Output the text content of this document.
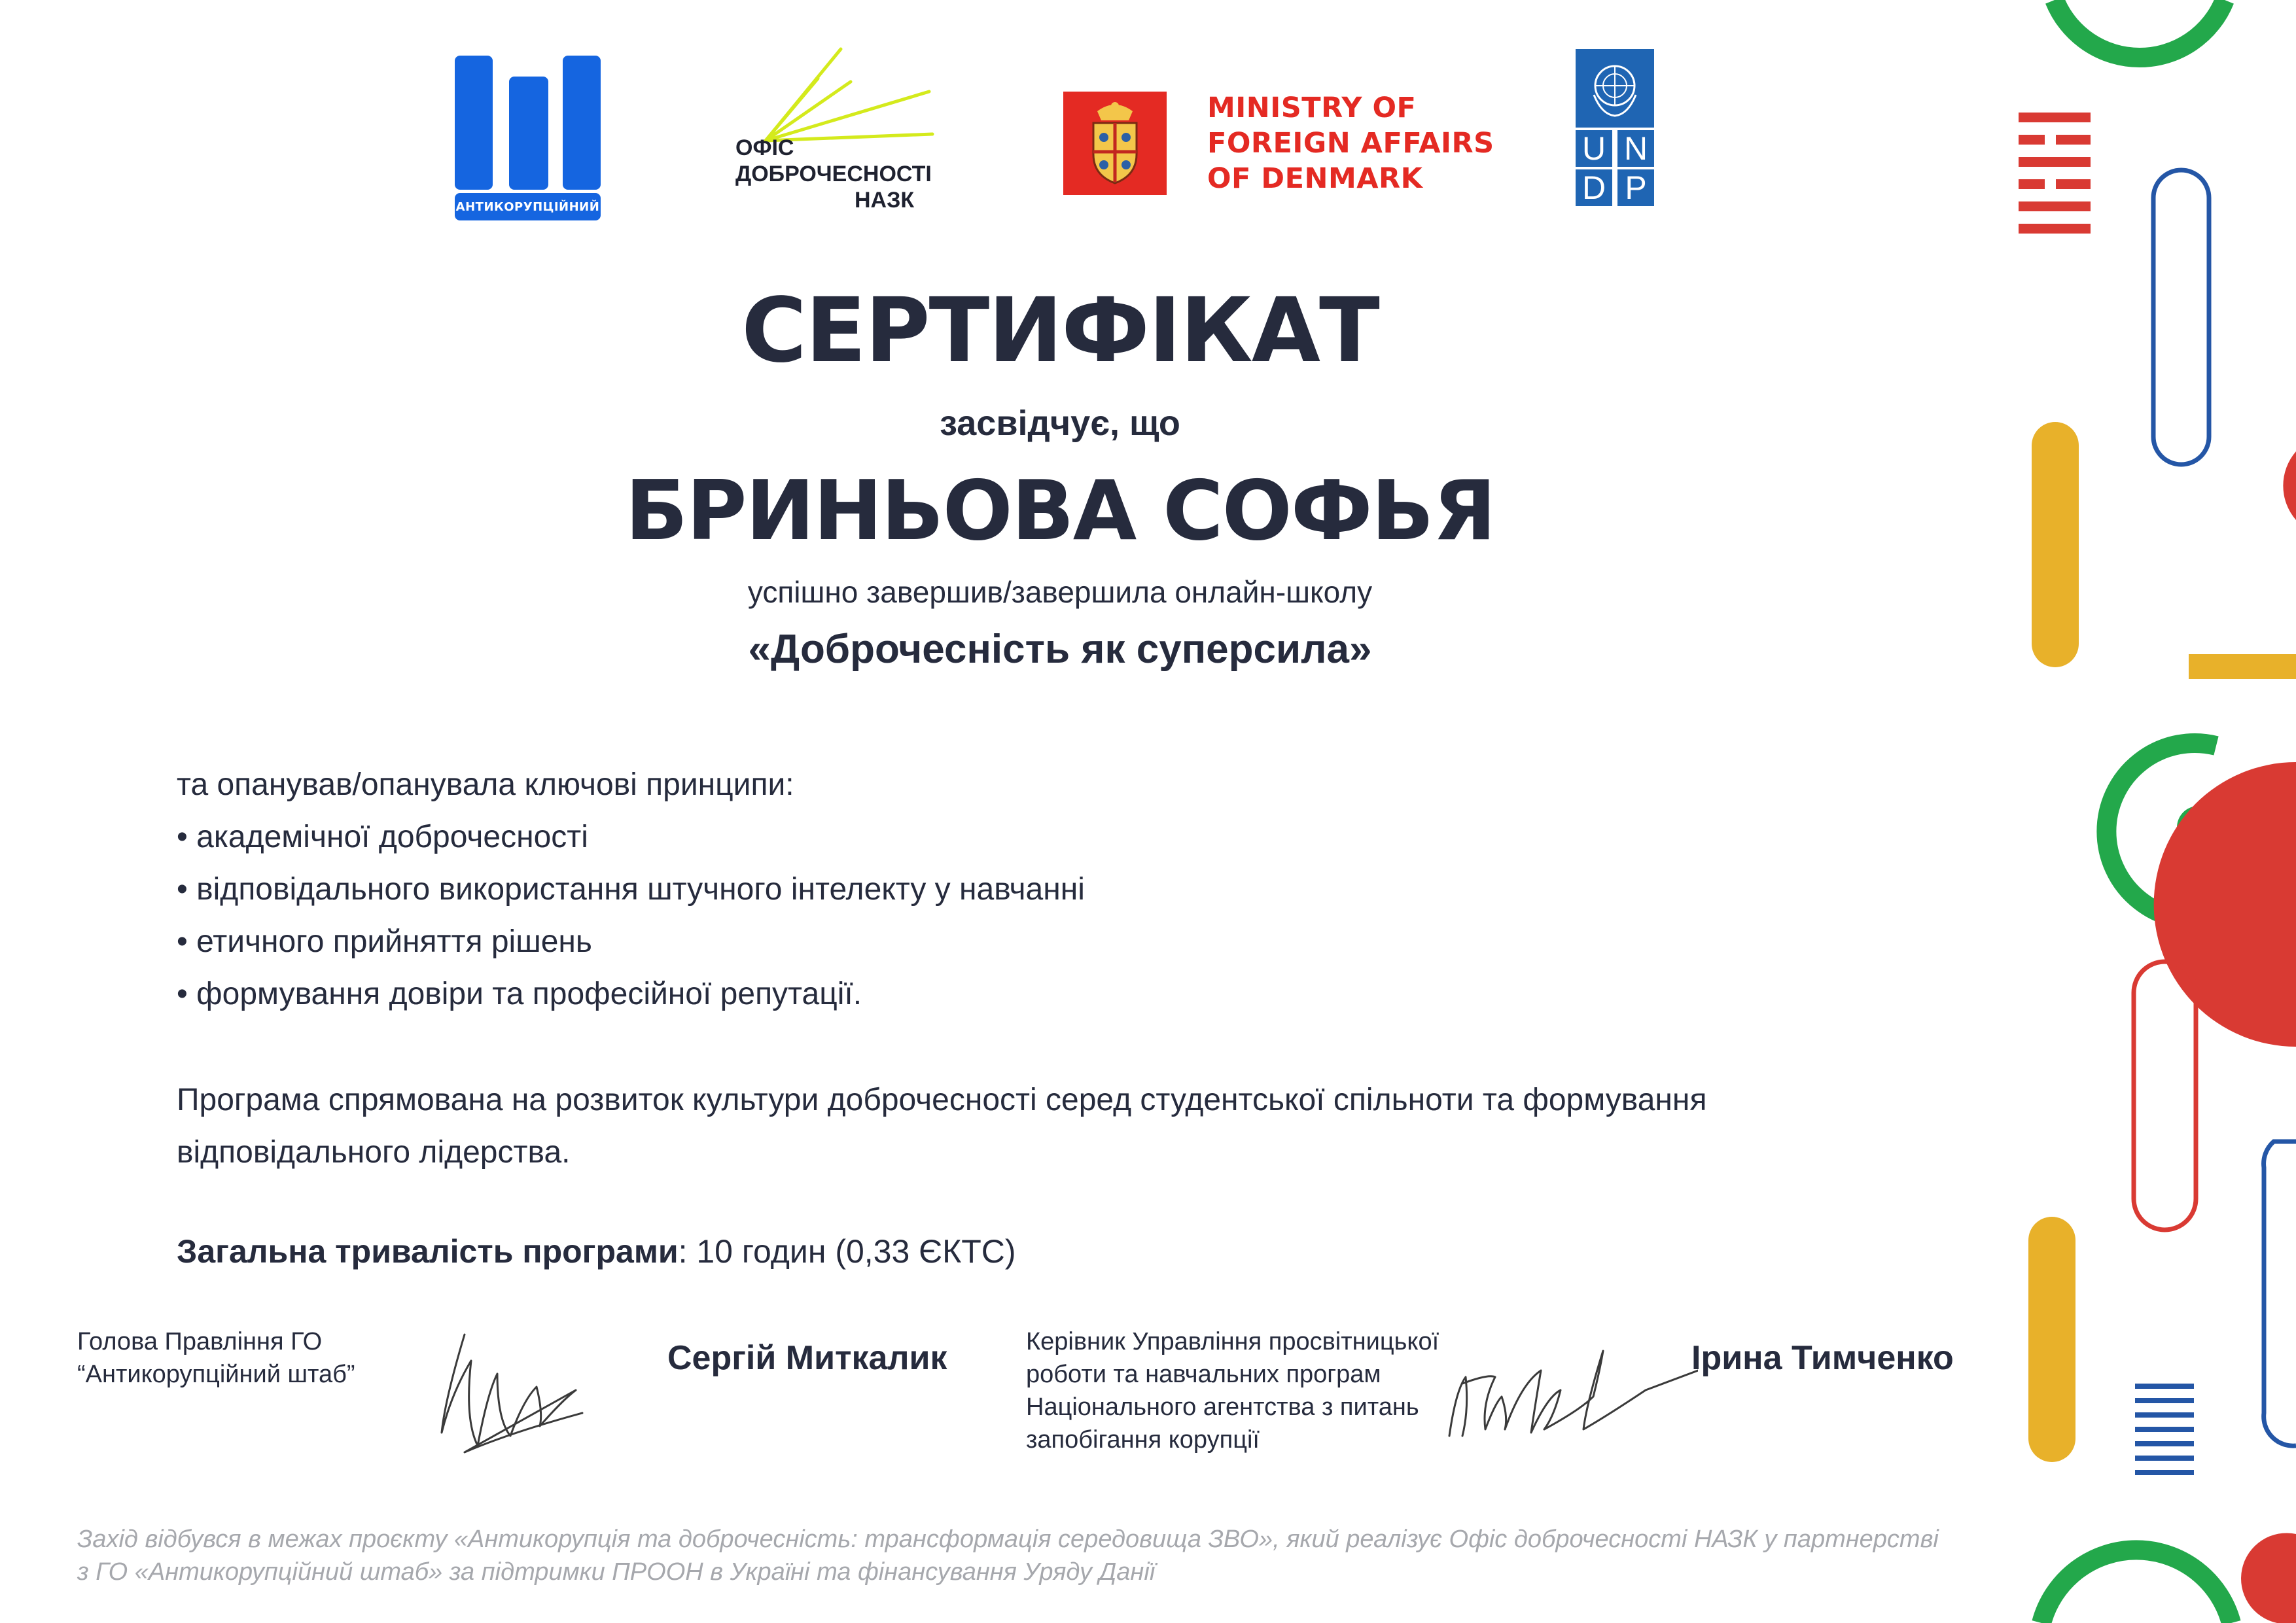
АНТИКОРУПЦІЙНИЙ
ОФІС
ДОБРОЧЕСНОСТІ
НАЗК
MINISTRY OF
FOREIGN AFFAIRS
OF DENMARK
U N
D P
СЕРТИФІКАТ
засвідчує, що
БРИНЬОВА СОФЬЯ
успішно завершив/завершила онлайн-школу
«Доброчесність як суперсила»

та опанував/опанувала ключові принципи:

• академічної доброчесності

• відповідального використання штучного інтелекту у навчанні

• етичного прийняття рішень

• формування довіри та професійної репутації.

Програма спрямована на розвиток культури доброчесності серед студентської спільноти та формування

відповідального лідерства.

Загальна тривалість програми: 10 годин (0,33 ЄКТС)
Голова Правління ГО
“Антикорупційний штаб”	Сергій Миткалик	Керівник Управління просвітницької
роботи та навчальних програм
Національного агентства з питань
запобігання корупції
Ірина Тимченко

Захід відбувся в межах проєкту «Антикорупція та доброчесність: трансформація середовища ЗВО», який реалізує Офіс доброчесності НАЗК у партнерстві

з ГО «Антикорупційний штаб» за підтримки ПРООН в Україні та фінансування Уряду Данії
